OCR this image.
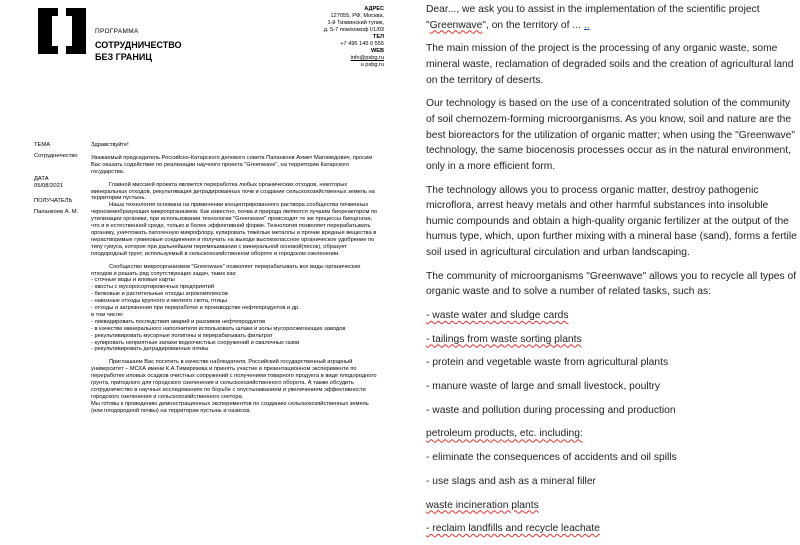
ПРОГРАММА
СОТРУДНИЧЕСТВО
БЕЗ ГРАНИЦ
АДРЕС
127055, РФ, Москва,
1-й Тихвинский тупик,
д. 5-7 пом/комоф I/1/03
ТЕЛ
+7 495 145 0 555
WEB
info@psbg.ru
u psbg.ru
ТЕМА
Сотрудничество
ДАТА
05/08/2021
ПОЛУЧАТЕЛЬ
Папанкоев А. М.

Здравствуйте!

Уважаемый председатель Российско-Катарского делового совета Папанкоев Ахмет Магомедович, просим Вас оказать содействие по реализации научного проекта "Greenwave", на территории Катарского государства.

Главной миссией проекта является переработка любых органических отходов, некоторых минеральных отходов, рекультивация деградированных почв и создание сельскохозяйственных земель на территории пустынь.

Наша технология основана на применении концентрированного раствора сообщества почвенных черноземобразующих микроорганизмов. Как известно, почва и природа являются лучшим биореактором по утилизации органики, при использовании технологии "Greenwave" происходят те же процессы биоценоза, что и в естественной среде, только в более эффективной форме. Технология позволяет перерабатывать органику, уничтожать патогенную микрофлору, купировать тяжёлые металлы и прочие вредные вещества в нерастворимые гуминовые соединения и получать на выходе высококлассное органическое удобрение по типу гумуса, которое при дальнейшем перемешивании с минеральной основой(песок), образует плодородный грунт, используемый в сельскохозяйственном обороте и городском озеленении.

Сообщество микроорганизмов "Greenwave" позволяет перерабатывать все виды органических отходов и решать ряд сопутствующих задач, таких как:

- сточные воды и иловые карты

- хвосты с мусоросортировочных предприятий

- белковые и растительные отходы агрокомплексов

- навозные отходы крупного и мелкого скота, птицы

- отходы и загрязнения при переработке и производстве нефтепродуктов и др.

в том числе:

- ликвидировать последствия аварий и разливов нефтепродуктов

- в качестве минерального наполнителя использовать шлаки и золы мусоросжигающих заводов

- рекультивировать мусорные полигоны и перерабатывать фильтрат

- купировать неприятные запахи водоочистных сооружений и свалочных газов

- рекультивировать деградированные почвы

Приглашаем Вас посетить в качестве наблюдателя, Российский государственный аграрный университет – МСХА имени К.А.Тимирязева и принять участие в презентационном эксперименте по переработке иловых осадков очистных сооружений с получением товарного продукта в виде плодородного грунта, пригодного для городского озеленения и сельскохозяйственного оборота. А также обсудить сотрудничество в научных исследованиях по борьбе с опустыниванием и увеличением эффективности городского озеленения и сельскохозяйственного сектора.

Мы готовы к проведению демонстрационных экспериментов по созданию сельскохозяйственных земель (или плодородной почвы) на территории пустынь и оазисов.

Dear..., we ask you to assist in the implementation of the scientific project "Greenwave", on the territory of ... ..

The main mission of the project is the processing of any organic waste, some mineral waste, reclamation of degraded soils and the creation of agricultural land on the territory of deserts.

Our technology is based on the use of a concentrated solution of the community of soil chernozem-forming microorganisms. As you know, soil and nature are the best bioreactors for the utilization of organic matter; when using the "Greenwave" technology, the same biocenosis processes occur as in the natural environment, only in a more efficient form.

The technology allows you to process organic matter, destroy pathogenic microflora, arrest heavy metals and other harmful substances into insoluble humic compounds and obtain a high-quality organic fertilizer at the output of the humus type, which, upon further mixing with a mineral base (sand), forms a fertile soil used in agricultural circulation and urban landscaping.

The community of microorganisms "Greenwave" allows you to recycle all types of organic waste and to solve a number of related tasks, such as:

- waste water and sludge cards
- tailings from waste sorting plants
- protein and vegetable waste from agricultural plants
- manure waste of large and small livestock, poultry
- waste and pollution during processing and production
petroleum products, etc. including:
- eliminate the consequences of accidents and oil spills
- use slags and ash as a mineral filler
waste incineration plants
- reclaim landfills and recycle leachate
